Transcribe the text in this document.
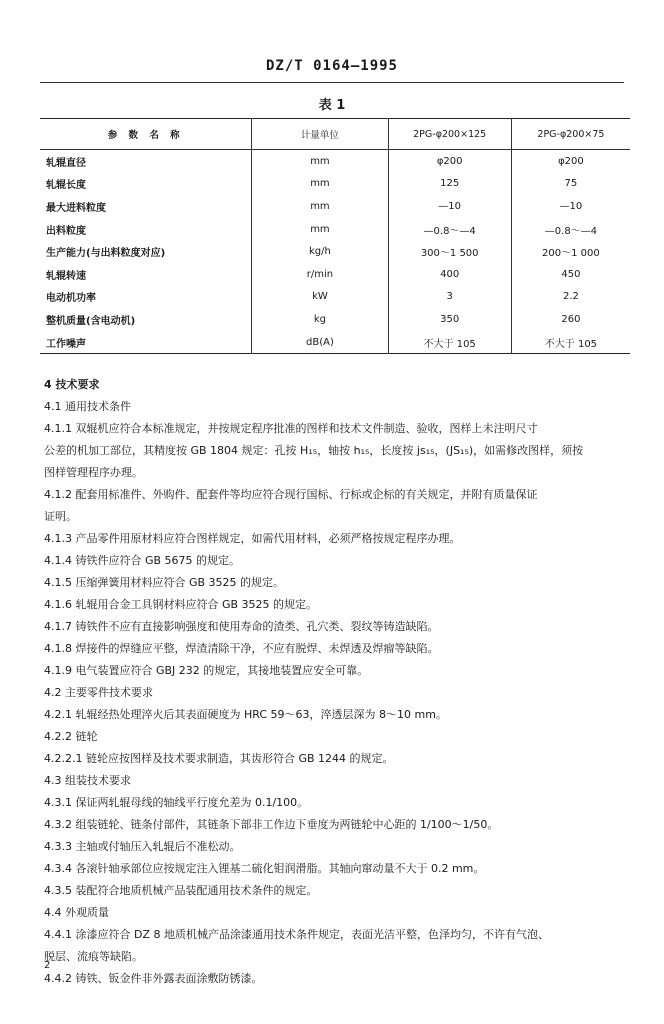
DZ/T 0164—1995
表 1
参 数 名 称	计量单位	2PG-φ200×125	2PG-φ200×75
轧辊直径	mm	φ200	φ200
轧辊长度	mm	125	75
最大进料粒度	mm	—10	—10
出料粒度	mm	—0.8～—4	—0.8～—4
生产能力(与出料粒度对应)	kg/h	300～1 500	200～1 000
轧辊转速	r/min	400	450
电动机功率	kW	3	2.2
整机质量(含电动机)	kg	350	260
工作噪声	dB(A)	不大于 105	不大于 105
4 技术要求
4.1 通用技术条件
4.1.1 双辊机应符合本标准规定，并按规定程序批准的图样和技术文件制造、验收，图样上未注明尺寸
公差的机加工部位，其精度按 GB 1804 规定：孔按 H₁₅，轴按 h₁₅，长度按 js₁₅，(JS₁₅)，如需修改图样，须按
图样管理程序办理。
4.1.2 配套用标准件、外购件、配套件等均应符合现行国标、行标或企标的有关规定，并附有质量保证
证明。
4.1.3 产品零件用原材料应符合图样规定，如需代用材料，必须严格按规定程序办理。
4.1.4 铸铁件应符合 GB 5675 的规定。
4.1.5 压缩弹簧用材料应符合 GB 3525 的规定。
4.1.6 轧辊用合金工具钢材料应符合 GB 3525 的规定。
4.1.7 铸铁件不应有直接影响强度和使用寿命的渣类、孔穴类、裂纹等铸造缺陷。
4.1.8 焊接件的焊缝应平整，焊渣清除干净，不应有脱焊、未焊透及焊瘤等缺陷。
4.1.9 电气装置应符合 GBJ 232 的规定，其接地装置应安全可靠。
4.2 主要零件技术要求
4.2.1 轧辊经热处理淬火后其表面硬度为 HRC 59～63，淬透层深为 8～10 mm。
4.2.2 链轮
4.2.2.1 链轮应按图样及技术要求制造，其齿形符合 GB 1244 的规定。
4.3 组装技术要求
4.3.1 保证两轧辊母线的轴线平行度允差为 0.1/100。
4.3.2 组装链轮、链条付部件，其链条下部非工作边下垂度为两链轮中心距的 1/100～1/50。
4.3.3 主轴或付轴压入轧辊后不准松动。
4.3.4 各滚针轴承部位应按规定注入锂基二硫化钼润滑脂。其轴向窜动量不大于 0.2 mm。
4.3.5 装配符合地质机械产品装配通用技术条件的规定。
4.4 外观质量
4.4.1 涂漆应符合 DZ 8 地质机械产品涂漆通用技术条件规定，表面光洁平整，色泽均匀，不许有气泡、
脱层、流痕等缺陷。
4.4.2 铸铁、钣金件非外露表面涂敷防锈漆。
2
